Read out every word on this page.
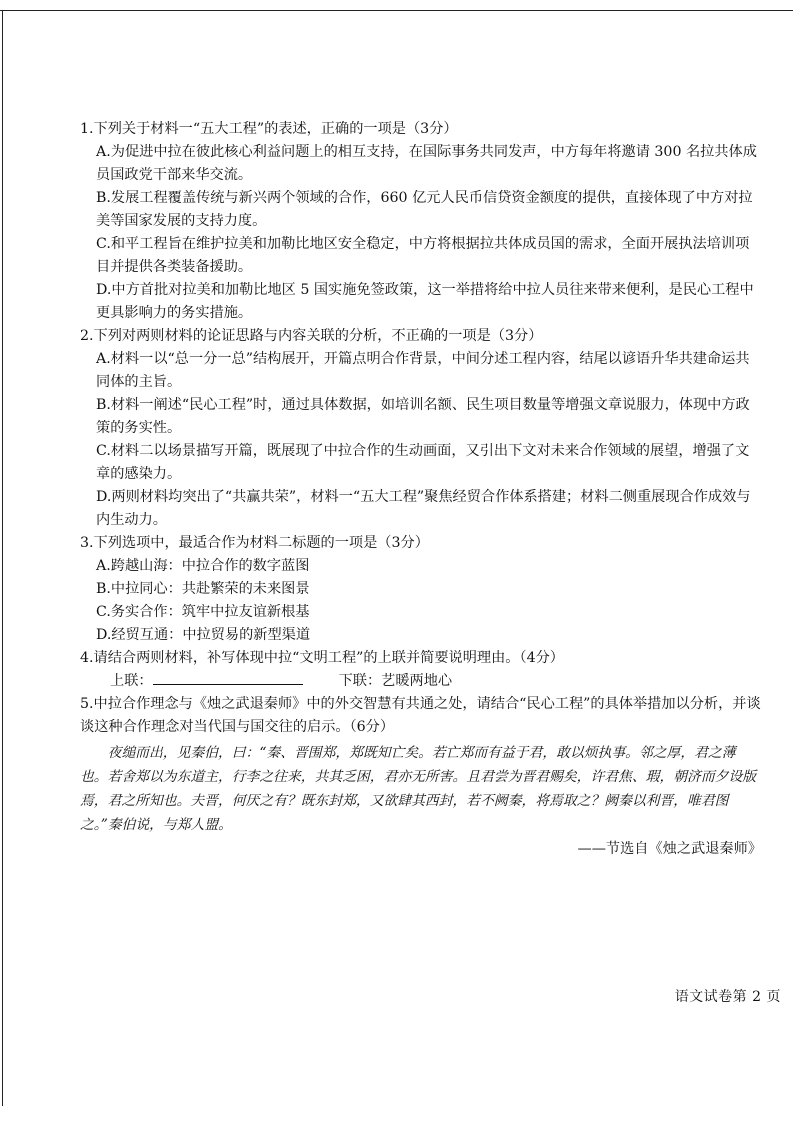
1.下列关于材料一“五大工程”的表述，正确的一项是（3分）

A.为促进中拉在彼此核心利益问题上的相互支持，在国际事务共同发声，中方每年将邀请 300 名拉共体成员国政党干部来华交流。

B.发展工程覆盖传统与新兴两个领域的合作，660 亿元人民币信贷资金额度的提供，直接体现了中方对拉美等国家发展的支持力度。

C.和平工程旨在维护拉美和加勒比地区安全稳定，中方将根据拉共体成员国的需求，全面开展执法培训项目并提供各类装备援助。

D.中方首批对拉美和加勒比地区 5 国实施免签政策，这一举措将给中拉人员往来带来便利，是民心工程中更具影响力的务实措施。

2.下列对两则材料的论证思路与内容关联的分析，不正确的一项是（3分）

A.材料一以“总一分一总”结构展开，开篇点明合作背景，中间分述工程内容，结尾以谚语升华共建命运共同体的主旨。

B.材料一阐述“民心工程”时，通过具体数据，如培训名额、民生项目数量等增强文章说服力，体现中方政策的务实性。

C.材料二以场景描写开篇，既展现了中拉合作的生动画面，又引出下文对未来合作领域的展望，增强了文章的感染力。

D.两则材料均突出了“共赢共荣”，材料一“五大工程”聚焦经贸合作体系搭建；材料二侧重展现合作成效与内生动力。

3.下列选项中，最适合作为材料二标题的一项是（3分）

A.跨越山海：中拉合作的数字蓝图

B.中拉同心：共赴繁荣的未来图景

C.务实合作：筑牢中拉友谊新根基

D.经贸互通：中拉贸易的新型渠道

4.请结合两则材料，补写体现中拉“文明工程”的上联并简要说明理由。（4分）

上联：	下联：艺暖两地心

5.中拉合作理念与《烛之武退秦师》中的外交智慧有共通之处，请结合“民心工程”的具体举措加以分析，并谈谈这种合作理念对当代国与国交往的启示。（6分）

夜缒而出，见秦伯，曰：“秦、晋围郑，郑既知亡矣。若亡郑而有益于君，敢以烦执事。邻之厚，君之薄也。若舍郑以为东道主，行李之往来，共其乏困，君亦无所害。且君尝为晋君赐矣，许君焦、瑕，朝济而夕设版焉，君之所知也。夫晋，何厌之有？既东封郑，又欲肆其西封，若不阙秦，将焉取之？阙秦以利晋，唯君图之。”秦伯说，与郑人盟。

——节选自《烛之武退秦师》

语文试卷第 2 页
